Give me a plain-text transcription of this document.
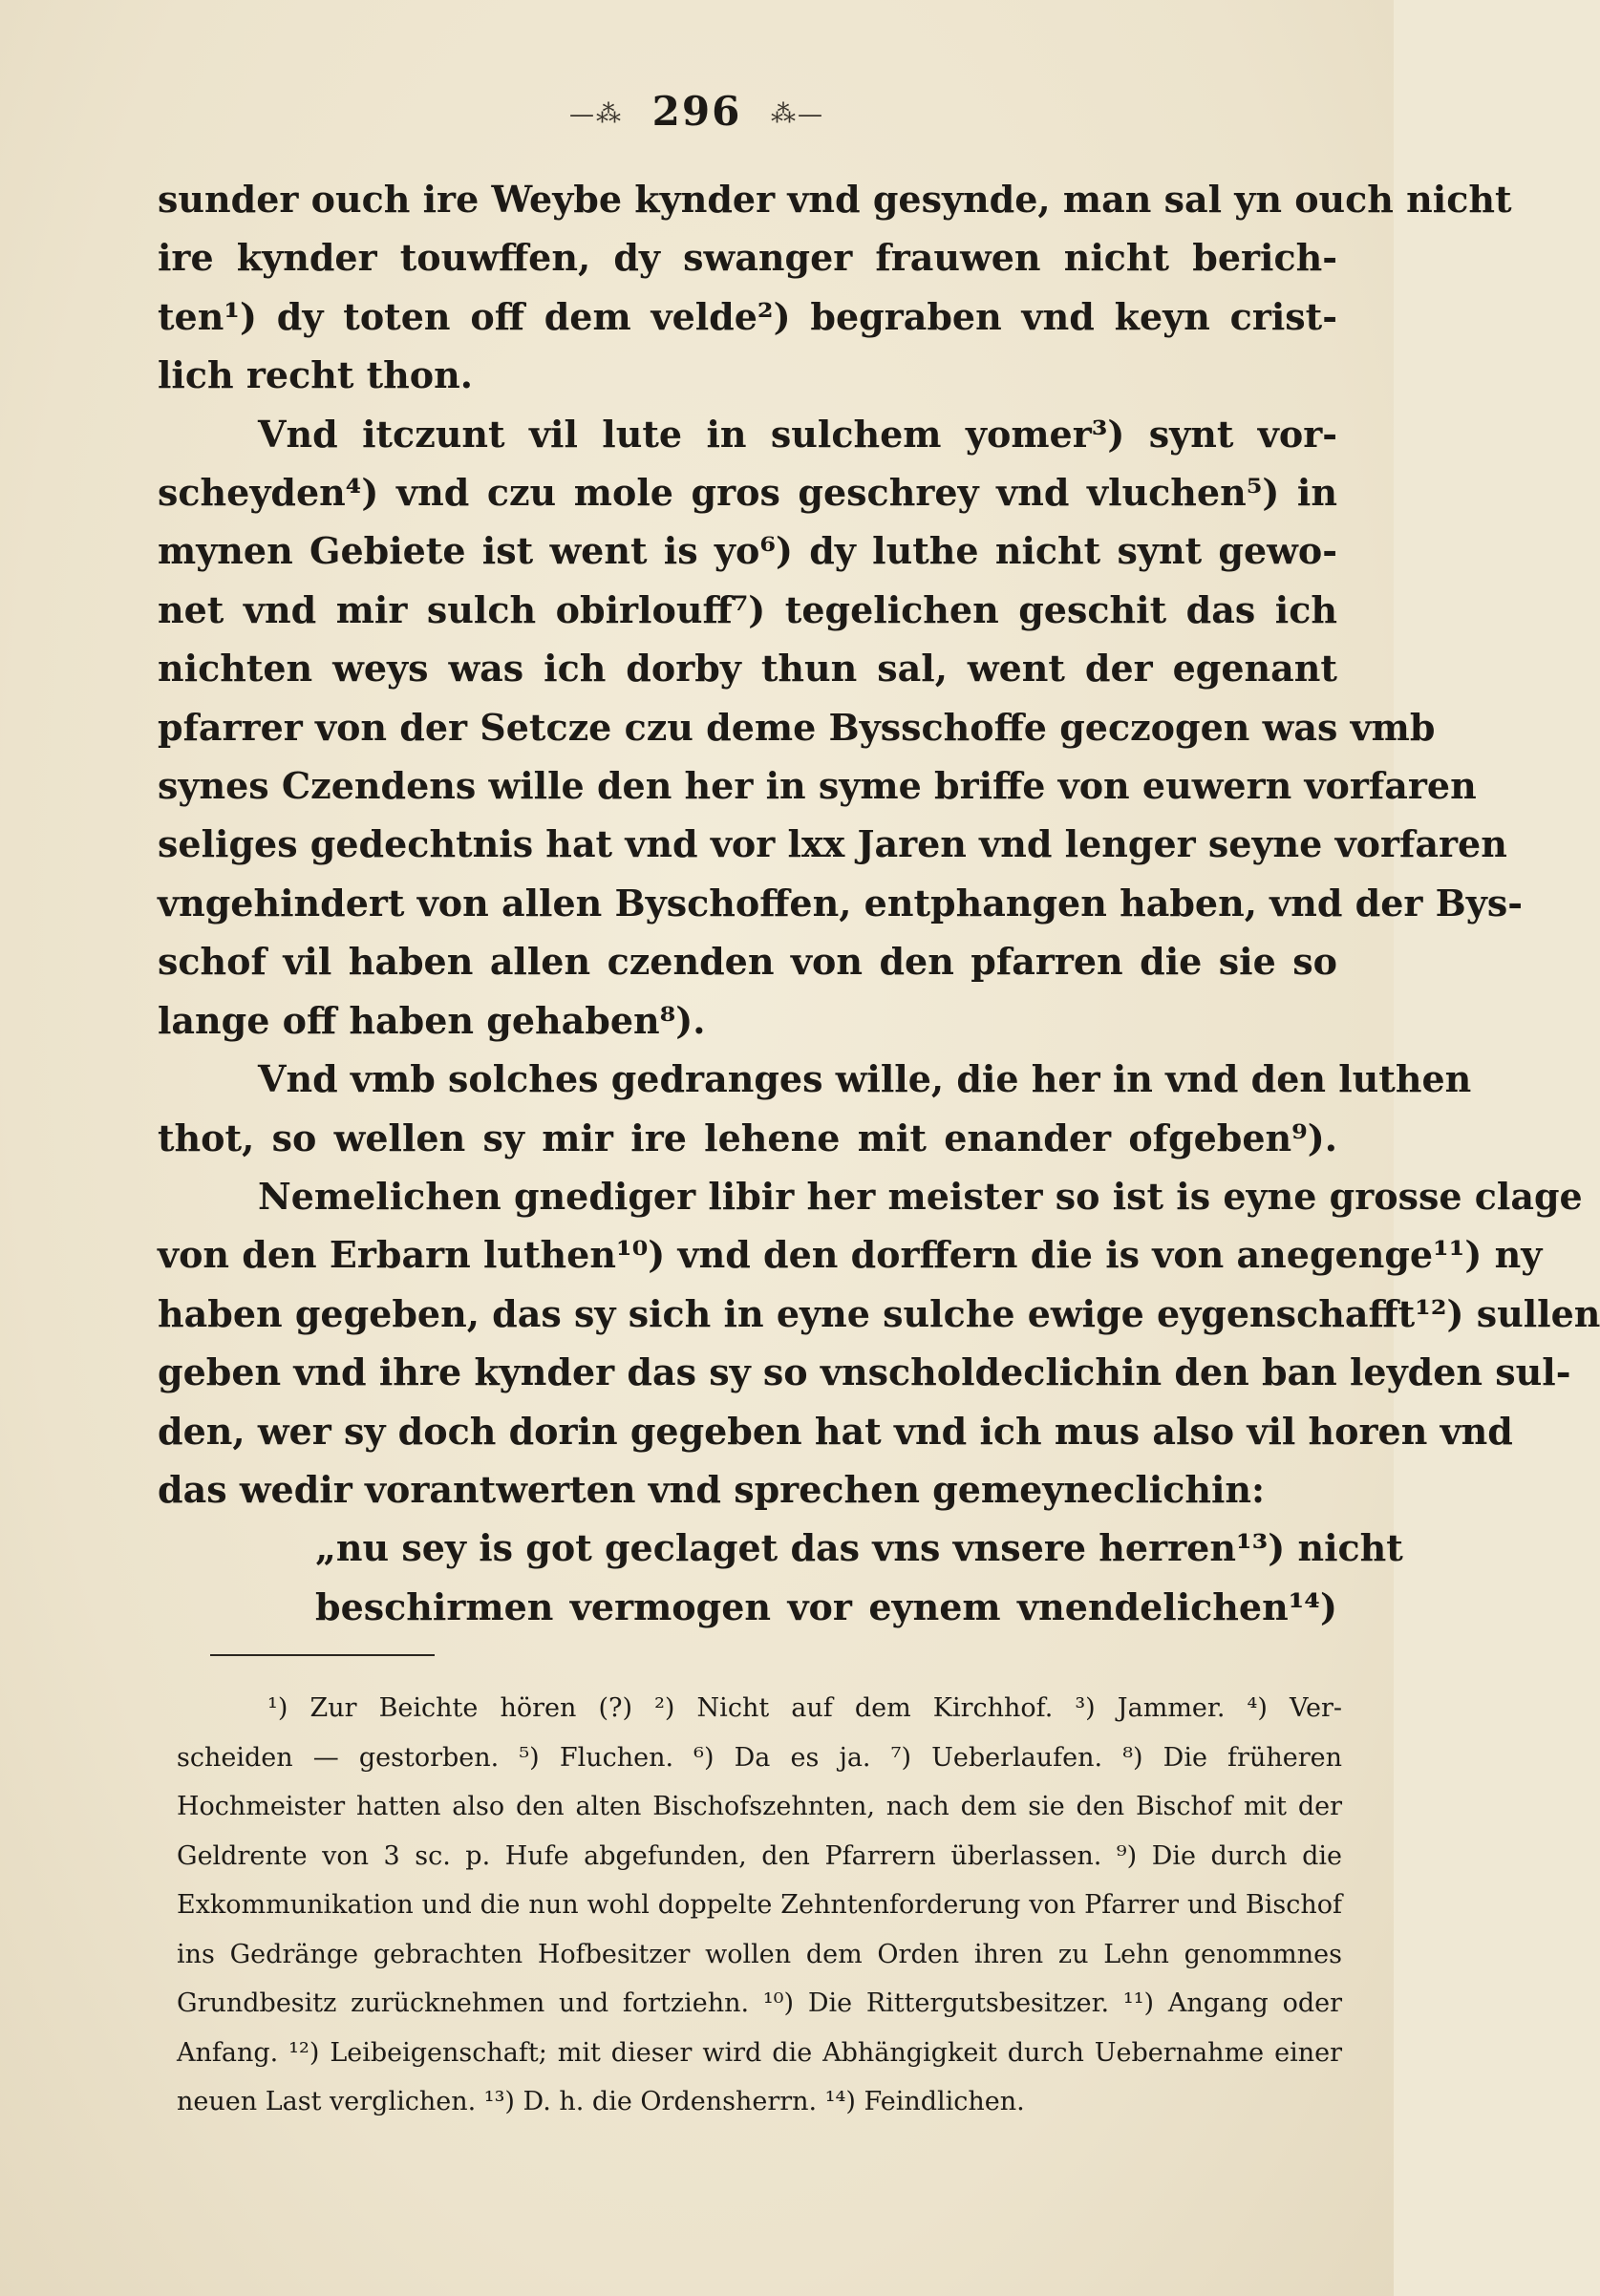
—⁂ 296 ⁂—
sunder ouch ire Weybe kynder vnd gesynde, man sal yn ouch nicht
ire kynder touwffen, dy swanger frauwen nicht berich-
ten¹) dy toten off dem velde²) begraben vnd keyn crist-
lich recht thon.
Vnd itczunt vil lute in sulchem yomer³) synt vor-
scheyden⁴) vnd czu mole gros geschrey vnd vluchen⁵) in
mynen Gebiete ist went is yo⁶) dy luthe nicht synt gewo-
net vnd mir sulch obirlouff⁷) tegelichen geschit das ich
nichten weys was ich dorby thun sal, went der egenant
pfarrer von der Setcze czu deme Bysschoffe geczogen was vmb
synes Czendens wille den her in syme briffe von euwern vorfaren
seliges gedechtnis hat vnd vor lxx Jaren vnd lenger seyne vorfaren
vngehindert von allen Byschoffen, entphangen haben, vnd der Bys-
schof vil haben allen czenden von den pfarren die sie so
lange off haben gehaben⁸).
Vnd vmb solches gedranges wille, die her in vnd den luthen
thot, so wellen sy mir ire lehene mit enander ofgeben⁹).
Nemelichen gnediger libir her meister so ist is eyne grosse clage
von den Erbarn luthen¹⁰) vnd den dorffern die is von anegenge¹¹) ny
haben gegeben, das sy sich in eyne sulche ewige eygenschafft¹²) sullen
geben vnd ihre kynder das sy so vnscholdeclichin den ban leyden sul-
den, wer sy doch dorin gegeben hat vnd ich mus also vil horen vnd
das wedir vorantwerten vnd sprechen gemeyneclichin:
„nu sey is got geclaget das vns vnsere herren¹³) nicht
beschirmen vermogen vor eynem vnendelichen¹⁴)
¹) Zur Beichte hören (?) ²) Nicht auf dem Kirchhof. ³) Jammer. ⁴) Ver-
scheiden — gestorben. ⁵) Fluchen. ⁶) Da es ja. ⁷) Ueberlaufen. ⁸) Die früheren
Hochmeister hatten also den alten Bischofszehnten, nach dem sie den Bischof mit der
Geldrente von 3 sc. p. Hufe abgefunden, den Pfarrern überlassen. ⁹) Die durch die
Exkommunikation und die nun wohl doppelte Zehntenforderung von Pfarrer und Bischof
ins Gedränge gebrachten Hofbesitzer wollen dem Orden ihren zu Lehn genommnes
Grundbesitz zurücknehmen und fortziehn. ¹⁰) Die Rittergutsbesitzer. ¹¹) Angang oder
Anfang. ¹²) Leibeigenschaft; mit dieser wird die Abhängigkeit durch Uebernahme einer
neuen Last verglichen. ¹³) D. h. die Ordensherrn. ¹⁴) Feindlichen.
